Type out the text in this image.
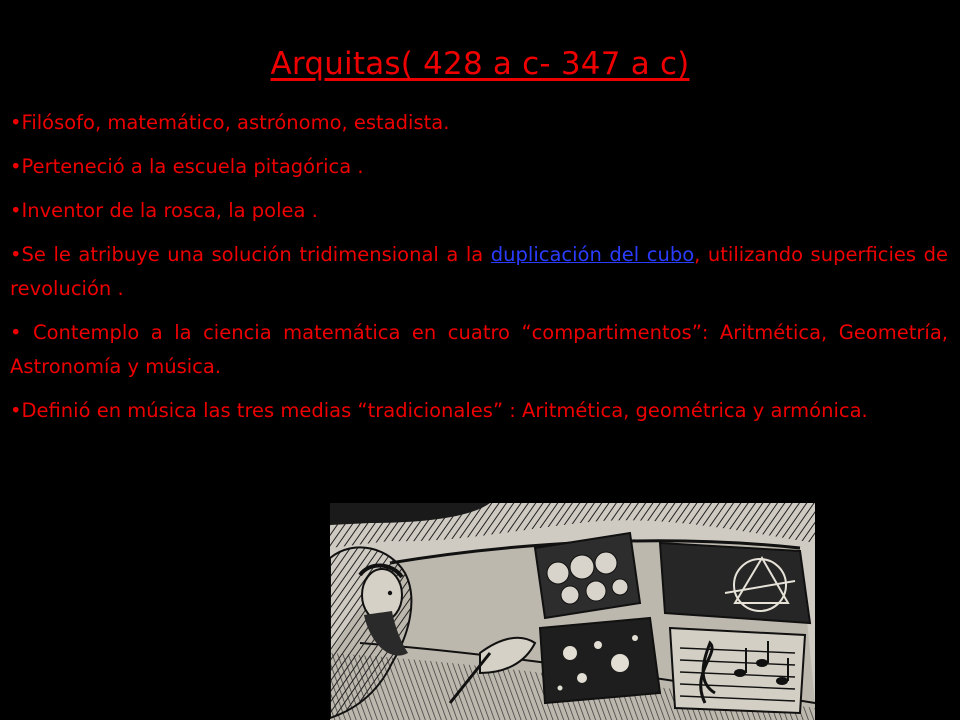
Arquitas( 428 a c- 347 a c)

•Filósofo, matemático, astrónomo, estadista.

•Perteneció a la escuela pitagórica .

•Inventor de la rosca, la polea .

•Se le atribuye una solución tridimensional a la duplicación del cubo, utilizando superficies de revolución .

• Contemplo a la ciencia matemática en cuatro “compartimentos”: Aritmética, Geometría, Astronomía y música.

•Definió en música las tres medias “tradicionales” : Aritmética, geométrica y armónica.
